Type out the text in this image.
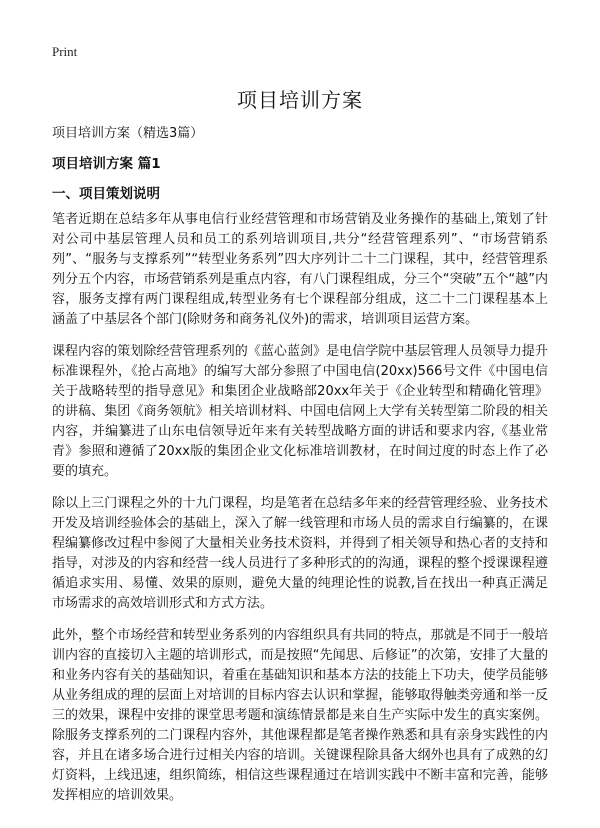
Print
项目培训方案
项目培训方案（精选3篇）
项目培训方案 篇1
一、项目策划说明

笔者近期在总结多年从事电信行业经营管理和市场营销及业务操作的基础上,策划了针对公司中基层管理人员和员工的系列培训项目,共分“经营管理系列”、“市场营销系列”、“服务与支撑系列”“转型业务系列”四大序列计二十二门课程，其中，经营管理系列分五个内容，市场营销系列是重点内容，有八门课程组成，分三个“突破”五个“越”内容，服务支撑有两门课程组成,转型业务有七个课程部分组成，这二十二门课程基本上涵盖了中基层各个部门(除财务和商务礼仪外)的需求，培训项目运营方案。

课程内容的策划除经营管理系列的《蓝心蓝剑》是电信学院中基层管理人员领导力提升标准课程外，《抢占高地》的编写大部分参照了中国电信(20xx)566号文件《中国电信关于战略转型的指导意见》和集团企业战略部20xx年关于《企业转型和精确化管理》的讲稿、集团《商务领航》相关培训材料、中国电信网上大学有关转型第二阶段的相关内容，并编纂进了山东电信领导近年来有关转型战略方面的讲话和要求内容,《基业常青》参照和遵循了20xx版的集团企业文化标准培训教材，在时间过度的时态上作了必要的填充。

除以上三门课程之外的十九门课程，均是笔者在总结多年来的经营管理经验、业务技术开发及培训经验体会的基础上，深入了解一线管理和市场人员的需求自行编纂的，在课程编纂修改过程中参阅了大量相关业务技术资料，并得到了相关领导和热心者的支持和指导，对涉及的内容和经营一线人员进行了多种形式的的沟通，课程的整个授课课程遵循追求实用、易懂、效果的原则，避免大量的纯理论性的说教,旨在找出一种真正满足市场需求的高效培训形式和方式方法。

此外，整个市场经营和转型业务系列的内容组织具有共同的特点，那就是不同于一般培训内容的直接切入主题的培训形式，而是按照“先闻思、后修证”的次第，安排了大量的和业务内容有关的基础知识，着重在基础知识和基本方法的技能上下功夫，使学员能够从业务组成的理的层面上对培训的目标内容去认识和掌握，能够取得触类旁通和举一反三的效果，课程中安排的课堂思考题和演练情景都是来自生产实际中发生的真实案例。除服务支撑系列的二门课程内容外，其他课程都是笔者操作熟悉和具有亲身实践性的内容，并且在诸多场合进行过相关内容的培训。关键课程除具备大纲外也具有了成熟的幻灯资料，上线迅速，组织简练，相信这些课程通过在培训实践中不断丰富和完善，能够发挥相应的培训效果。
